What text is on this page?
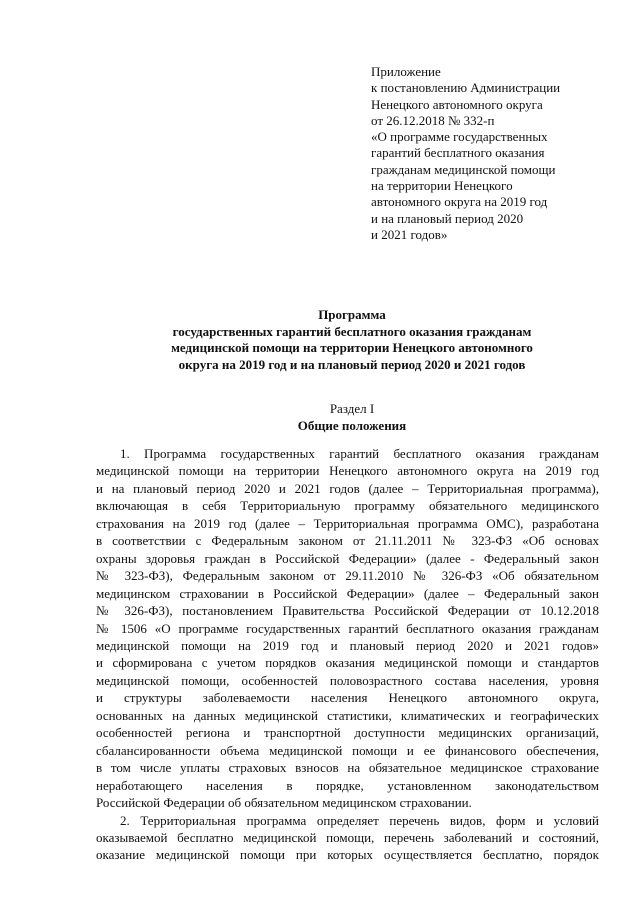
Приложение
к постановлению Администрации
Ненецкого автономного округа
от 26.12.2018 № 332-п
«О программе государственных
гарантий бесплатного оказания
гражданам медицинской помощи
на территории Ненецкого
автономного округа на 2019 год
и на плановый период 2020
и 2021 годов»
Программа
государственных гарантий бесплатного оказания гражданам
медицинской помощи на территории Ненецкого автономного
округа на 2019 год и на плановый период 2020 и 2021 годов
Раздел I
Общие положения
1. Программа государственных гарантий бесплатного оказания гражданам
медицинской помощи на территории Ненецкого автономного округа на 2019 год
и на плановый период 2020 и 2021 годов (далее – Территориальная программа),
включающая в себя Территориальную программу обязательного медицинского
страхования на 2019 год (далее – Территориальная программа ОМС), разработана
в соответствии с Федеральным законом от 21.11.2011 № 323-ФЗ «Об основах
охраны здоровья граждан в Российской Федерации» (далее - Федеральный закон
№ 323-ФЗ), Федеральным законом от 29.11.2010 № 326-ФЗ «Об обязательном
медицинском страховании в Российской Федерации» (далее – Федеральный закон
№ 326-ФЗ), постановлением Правительства Российской Федерации от 10.12.2018
№ 1506 «О программе государственных гарантий бесплатного оказания гражданам
медицинской помощи на 2019 год и плановый период 2020 и 2021 годов»
и сформирована с учетом порядков оказания медицинской помощи и стандартов
медицинской помощи, особенностей половозрастного состава населения, уровня
и структуры заболеваемости населения Ненецкого автономного округа,
основанных на данных медицинской статистики, климатических и географических
особенностей региона и транспортной доступности медицинских организаций,
сбалансированности объема медицинской помощи и ее финансового обеспечения,
в том числе уплаты страховых взносов на обязательное медицинское страхование
неработающего населения в порядке, установленном законодательством
Российской Федерации об обязательном медицинском страховании.
2. Территориальная программа определяет перечень видов, форм и условий
оказываемой бесплатно медицинской помощи, перечень заболеваний и состояний,
оказание медицинской помощи при которых осуществляется бесплатно, порядок
